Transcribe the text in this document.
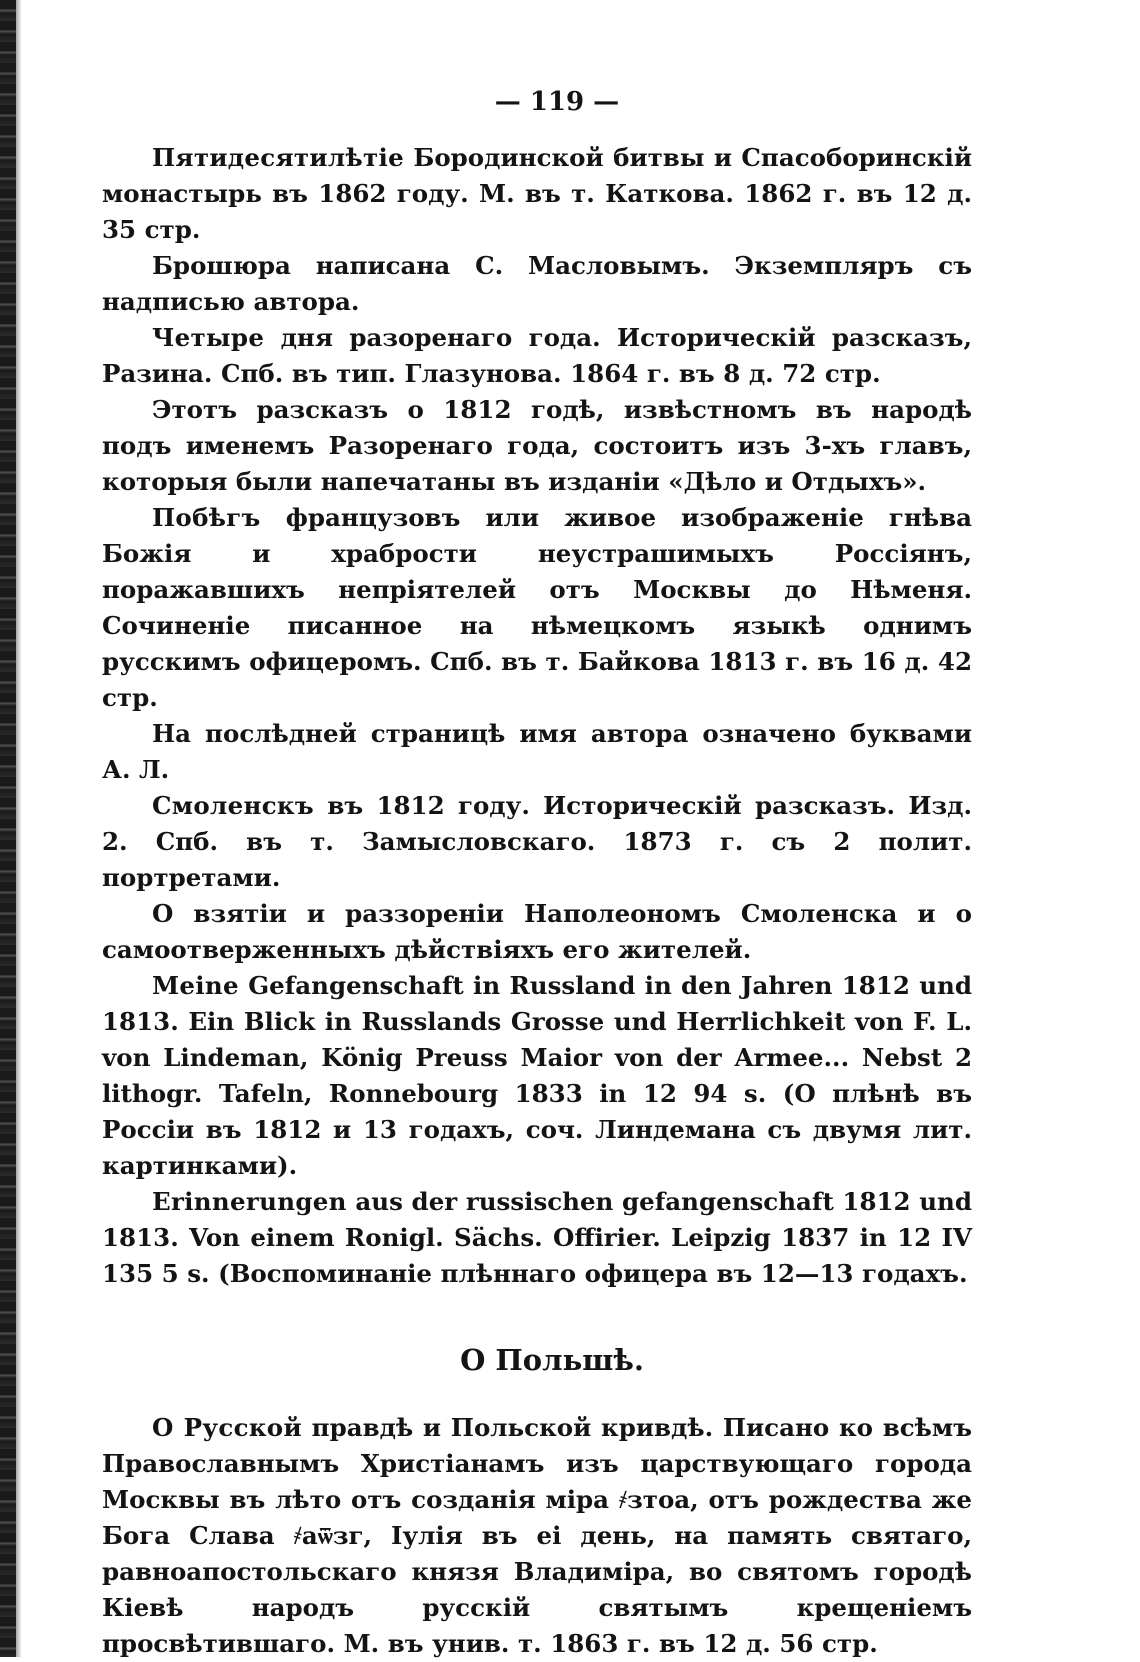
— 119 —

Пятидесятилѣтіе Бородинской битвы и Спасоборинскій монастырь въ 1862 году. М. въ т. Каткова. 1862 г. въ 12 д. 35 стр.

Брошюра написана С. Масловымъ. Экземпляръ съ надписью автора.

Четыре дня разоренаго года. Историческій разсказъ, Разина. Спб. въ тип. Глазунова. 1864 г. въ 8 д. 72 стр.

Этотъ разсказъ о 1812 годѣ, извѣстномъ въ народѣ подъ именемъ Разоренаго года, состоитъ изъ 3-хъ главъ, которыя были напечатаны въ изданіи «Дѣло и Отдыхъ».

Побѣгъ французовъ или живое изображеніе гнѣва Божія и храбрости неустрашимыхъ Россіянъ, поражавшихъ непріятелей отъ Москвы до Нѣменя. Сочиненіе писанное на нѣмецкомъ языкѣ однимъ русскимъ офицеромъ. Спб. въ т. Байкова 1813 г. въ 16 д. 42 стр.

На послѣдней страницѣ имя автора означено буквами А. Л.

Смоленскъ въ 1812 году. Историческій разсказъ. Изд. 2. Спб. въ т. Замысловскаго. 1873 г. съ 2 полит. портретами.

О взятіи и раззореніи Наполеономъ Смоленска и о самоотверженныхъ дѣйствіяхъ его жителей.

Meine Gefangenschaft in Russland in den Jahren 1812 und 1813. Ein Blick in Russlands Grosse und Herrlichkeit von F. L. von Lindeman, König Preuss Maior von der Armee... Nebst 2 lithogr. Tafeln, Ronnebourg 1833 in 12 94 s. (О плѣнѣ въ Россіи въ 1812 и 13 годахъ, соч. Линдемана съ двумя лит. картинками).

Erinnerungen aus der russischen gefangenschaft 1812 und 1813. Von einem Ronigl. Sächs. Offirier. Leipzig 1837 in 12 IV 135 5 s. (Воспоминаніе плѣннаго офицера въ 12—13 годахъ.

О Польшѣ.

О Русской правдѣ и Польской кривдѣ. Писано ко всѣмъ Православнымъ Христіанамъ изъ царствующаго города Москвы въ лѣто отъ созданія міра ҂зтоа, отъ рождества же Бога Слава ҂аѿзг, Іулія въ еі день, на память святаго, равноапостольскаго князя Владиміра, во святомъ городѣ Кіевѣ народъ русскій святымъ крещеніемъ просвѣтившаго. М. въ унив. т. 1863 г. въ 12 д. 56 стр.
